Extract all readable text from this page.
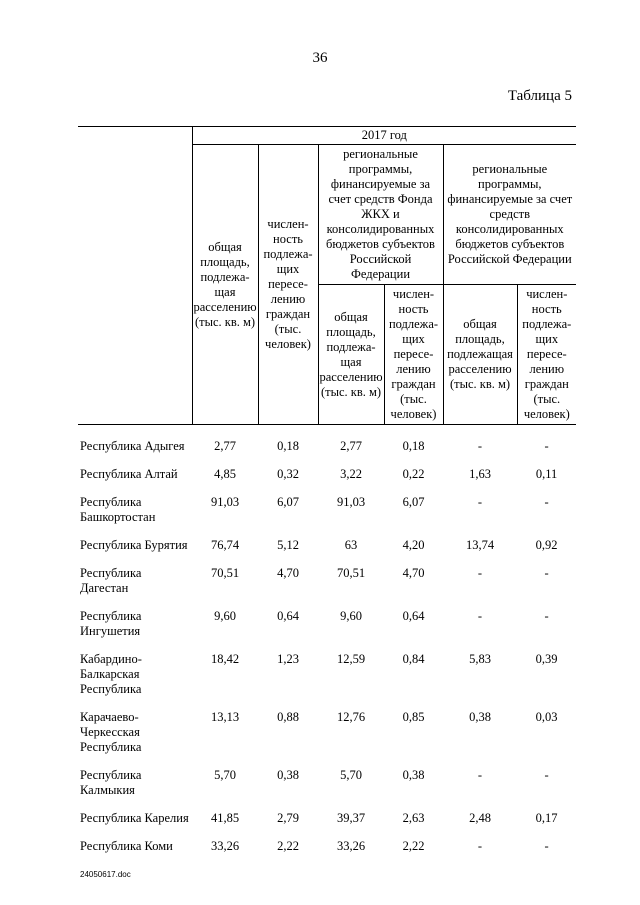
36
Таблица 5
	2017 год					
	общая площадь, подлежа-щая расселению (тыс. кв. м)	числен-ность подлежа-щих пересе-лению граждан (тыс. человек)	региональные программы, финансируемые за счет средств Фонда ЖКХ и консолидированных бюджетов субъектов Российской Федерации		региональные программы, финансируемые за счет средств консолидированных бюджетов субъектов Российской Федерации	
			общая площадь, подлежа-щая расселению (тыс. кв. м)	числен-ность подлежа-щих пересе-лению граждан (тыс. человек)	общая площадь, подлежащая расселению (тыс. кв. м)	числен-ность подлежа-щих пересе-лению граждан (тыс. человек)
Республика Адыгея	2,77	0,18	2,77	0,18	-	-
Республика Алтай	4,85	0,32	3,22	0,22	1,63	0,11
Республика Башкортостан	91,03	6,07	91,03	6,07	-	-
Республика Бурятия	76,74	5,12	63	4,20	13,74	0,92
Республика Дагестан	70,51	4,70	70,51	4,70	-	-
Республика Ингушетия	9,60	0,64	9,60	0,64	-	-
Кабардино-Балкарская Республика	18,42	1,23	12,59	0,84	5,83	0,39
Карачаево-Черкесская Республика	13,13	0,88	12,76	0,85	0,38	0,03
Республика Калмыкия	5,70	0,38	5,70	0,38	-	-
Республика Карелия	41,85	2,79	39,37	2,63	2,48	0,17
Республика Коми	33,26	2,22	33,26	2,22	-	-
24050617.doc
